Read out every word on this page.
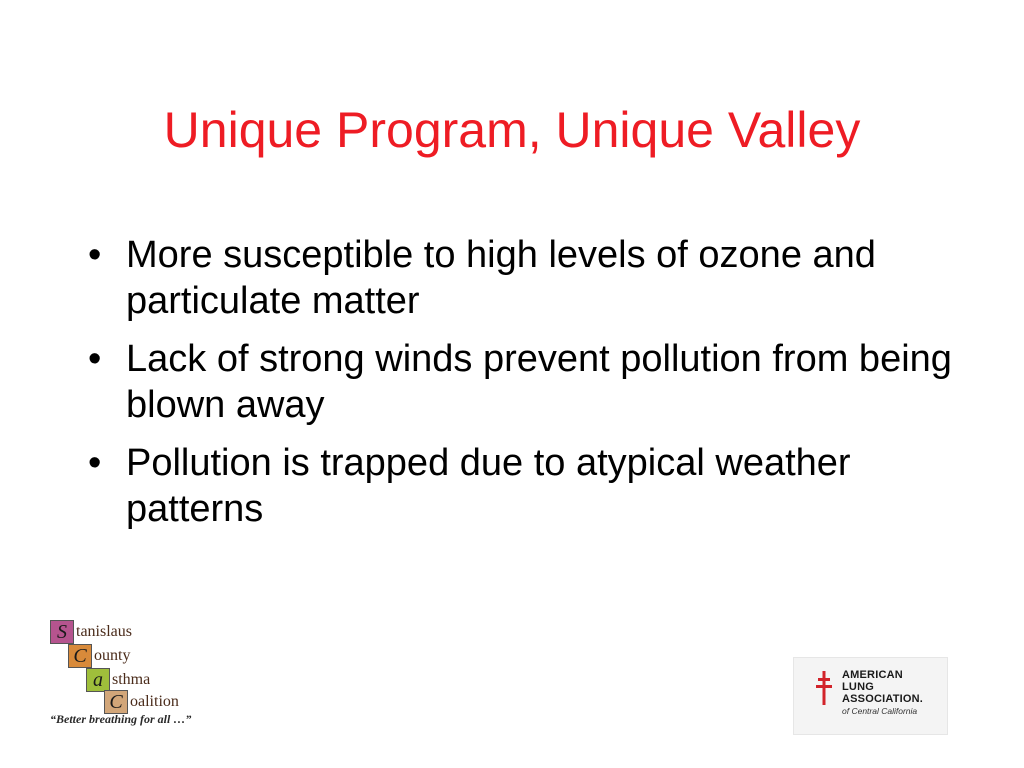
Unique Program, Unique Valley
• More susceptible to high levels of ozone and particulate matter
• Lack of strong winds prevent pollution from being blown away
• Pollution is trapped due to atypical weather patterns
S tanislaus
C ounty
a sthma
C oalition
“Better breathing for all …”
AMERICAN
LUNG
ASSOCIATION.
of Central California
